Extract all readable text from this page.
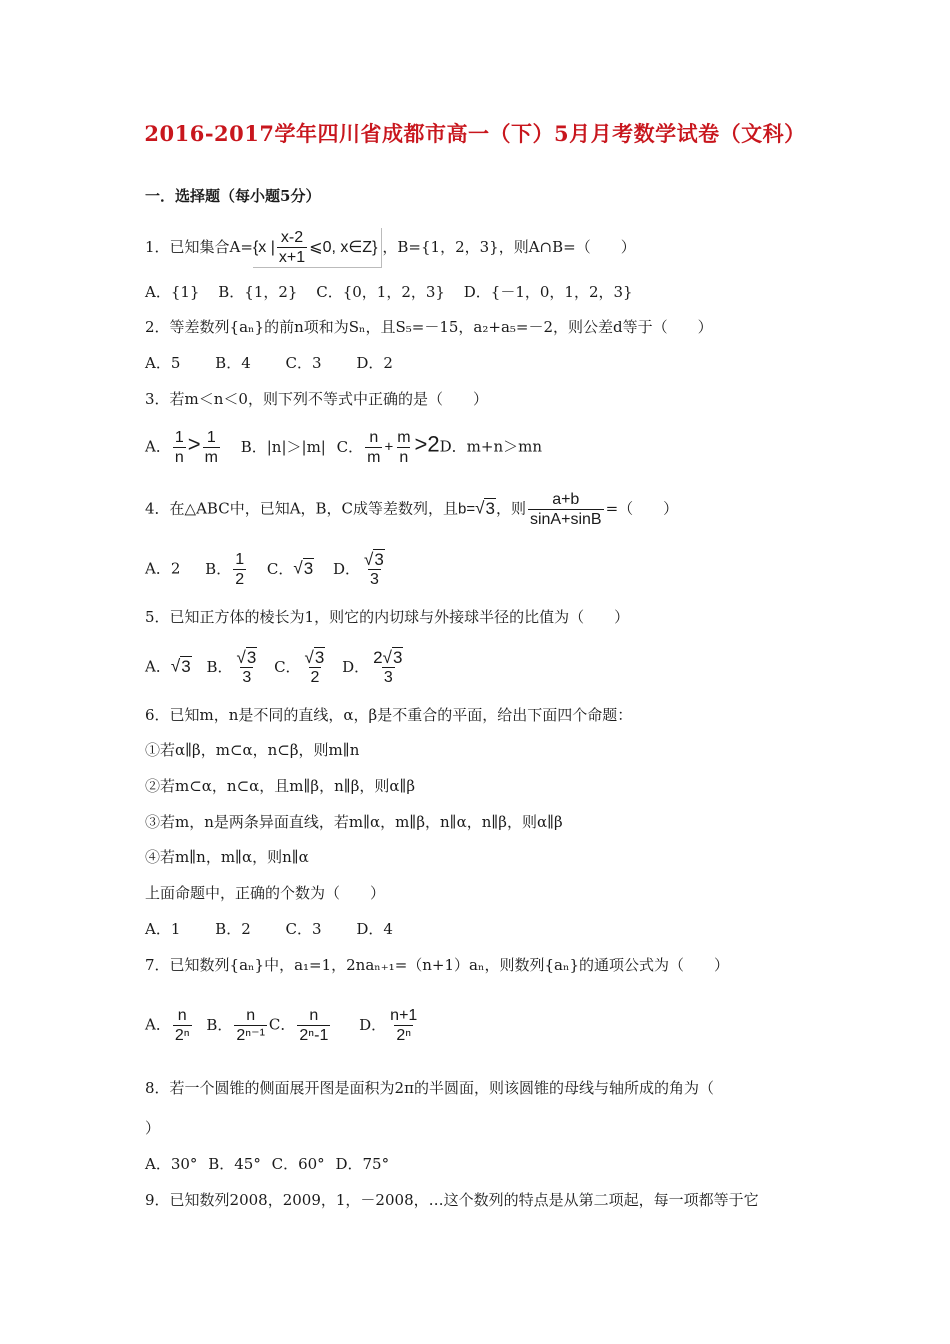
2016-2017学年四川省成都市高一（下）5月月考数学试卷（文科）
一．选择题（每小题5分）
1．已知集合A= {x | $\frac{x-2}{x+1}$ ⩽0, x∈Z} ，B={1，2，3}，则A∩B=（　　）
A．{1} B．{1，2} C．{0，1，2，3} D．{－1，0，1，2，3}
2．等差数列{aₙ}的前n项和为Sₙ，且S₅=－15，a₂+a₅=－2，则公差d等于（　　）
A．5 B．4 C．3 D．2
3．若m＜n＜0，则下列不等式中正确的是（　　）
A． $\frac{1}{n} > \frac{1}{m}$ B．|n|＞|m| C． $\frac{n}{m} + \frac{m}{n} >2D$．m+n＞mn
4．在△ABC中，已知A，B，C成等差数列，且b=√3，则 $\frac{a+b}{\sin A+\sin B}$ =（　　）
A．2 B． $\frac{1}{2}$ C．√3 D． $\frac{√3}{3}$
5．已知正方体的棱长为1，则它的内切球与外接球半径的比值为（　　）
A．√3 B． $\frac{√3}{3}$ C． $\frac{√3}{2}$ D． $\frac{2√3}{3}$
6．已知m，n是不同的直线，α，β是不重合的平面，给出下面四个命题：
①若α∥β，m⊂α，n⊂β，则m∥n
②若m⊂α，n⊂α，且m∥β，n∥β，则α∥β
③若m，n是两条异面直线，若m∥α，m∥β，n∥α，n∥β，则α∥β
④若m∥n，m∥α，则n∥α
上面命题中，正确的个数为（　　）
A．1 B．2 C．3 D．4
7．已知数列{aₙ}中，a₁=1，2naₙ₊₁=（n+1）aₙ，则数列{aₙ}的通项公式为（　　）
A． $\frac{n}{\text{2ⁿ}}$ B． $\frac{n}{\text{2ⁿ⁻¹}}$ C． $\frac{n}{\text{2ⁿ-1}}$ D． $\frac{n+1}{\text{2ⁿ}}$
8．若一个圆锥的侧面展开图是面积为2π的半圆面，则该圆锥的母线与轴所成的角为（
）
A．30° B．45° C．60° D．75°
9．已知数列2008，2009，1，－2008，…这个数列的特点是从第二项起，每一项都等于它
